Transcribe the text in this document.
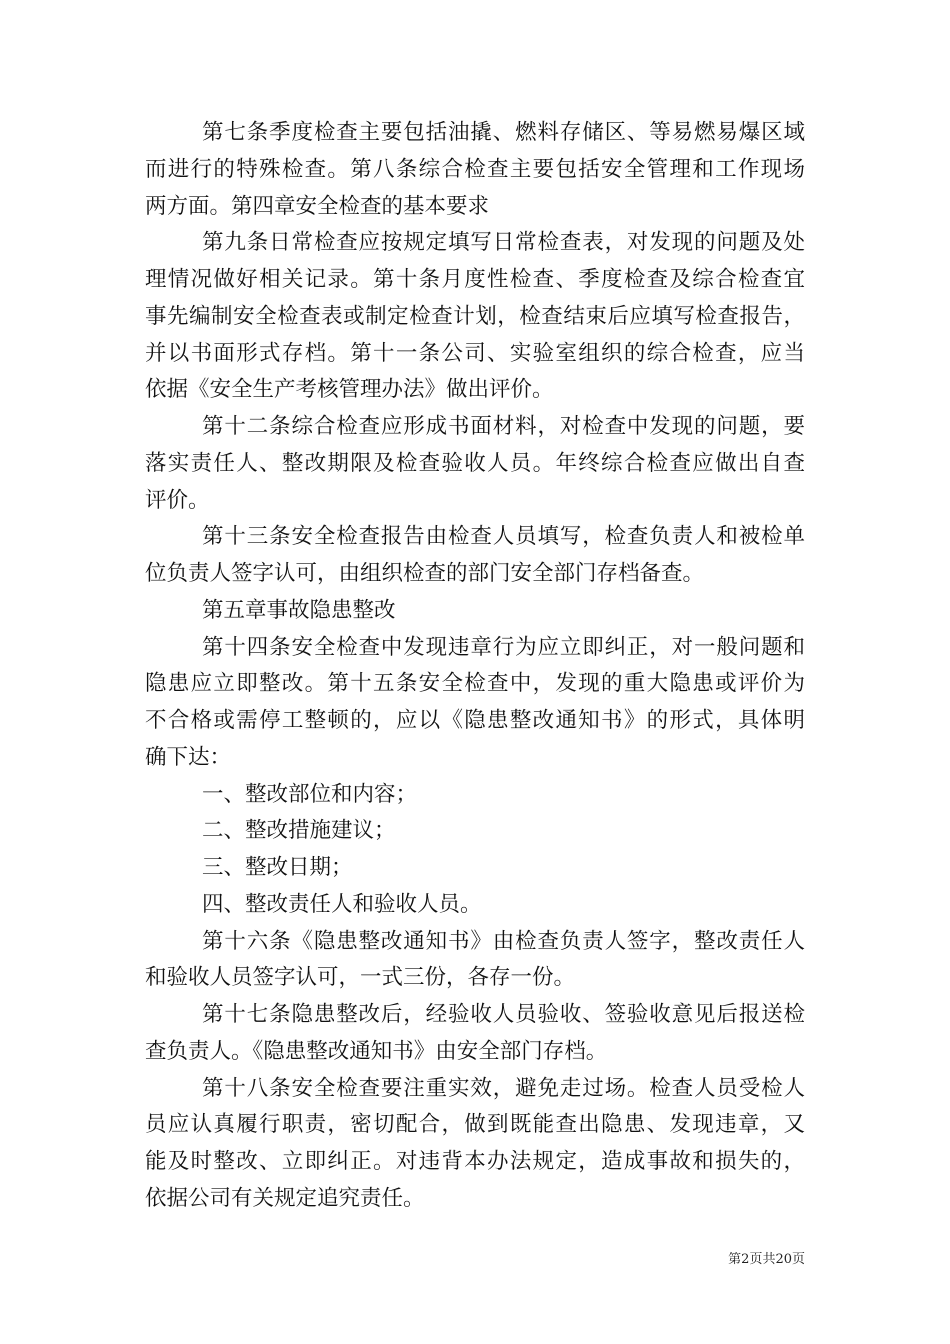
第七条季度检查主要包括油撬、燃料存储区、等易燃易爆区域
而进行的特殊检查。第八条综合检查主要包括安全管理和工作现场
两方面。第四章安全检查的基本要求
第九条日常检查应按规定填写日常检查表，对发现的问题及处
理情况做好相关记录。第十条月度性检查、季度检查及综合检查宜
事先编制安全检查表或制定检查计划，检查结束后应填写检查报告，
并以书面形式存档。第十一条公司、实验室组织的综合检查，应当
依据《安全生产考核管理办法》做出评价。
第十二条综合检查应形成书面材料，对检查中发现的问题，要
落实责任人、整改期限及检查验收人员。年终综合检查应做出自查
评价。
第十三条安全检查报告由检查人员填写，检查负责人和被检单
位负责人签字认可，由组织检查的部门安全部门存档备查。
第五章事故隐患整改
第十四条安全检查中发现违章行为应立即纠正，对一般问题和
隐患应立即整改。第十五条安全检查中，发现的重大隐患或评价为
不合格或需停工整顿的，应以《隐患整改通知书》的形式，具体明
确下达：
一、整改部位和内容；
二、整改措施建议；
三、整改日期；
四、整改责任人和验收人员。
第十六条《隐患整改通知书》由检查负责人签字，整改责任人
和验收人员签字认可，一式三份，各存一份。
第十七条隐患整改后，经验收人员验收、签验收意见后报送检
查负责人。《隐患整改通知书》由安全部门存档。
第十八条安全检查要注重实效，避免走过场。检查人员受检人
员应认真履行职责，密切配合，做到既能查出隐患、发现违章，又
能及时整改、立即纠正。对违背本办法规定，造成事故和损失的，
依据公司有关规定追究责任。
第2页共20页
